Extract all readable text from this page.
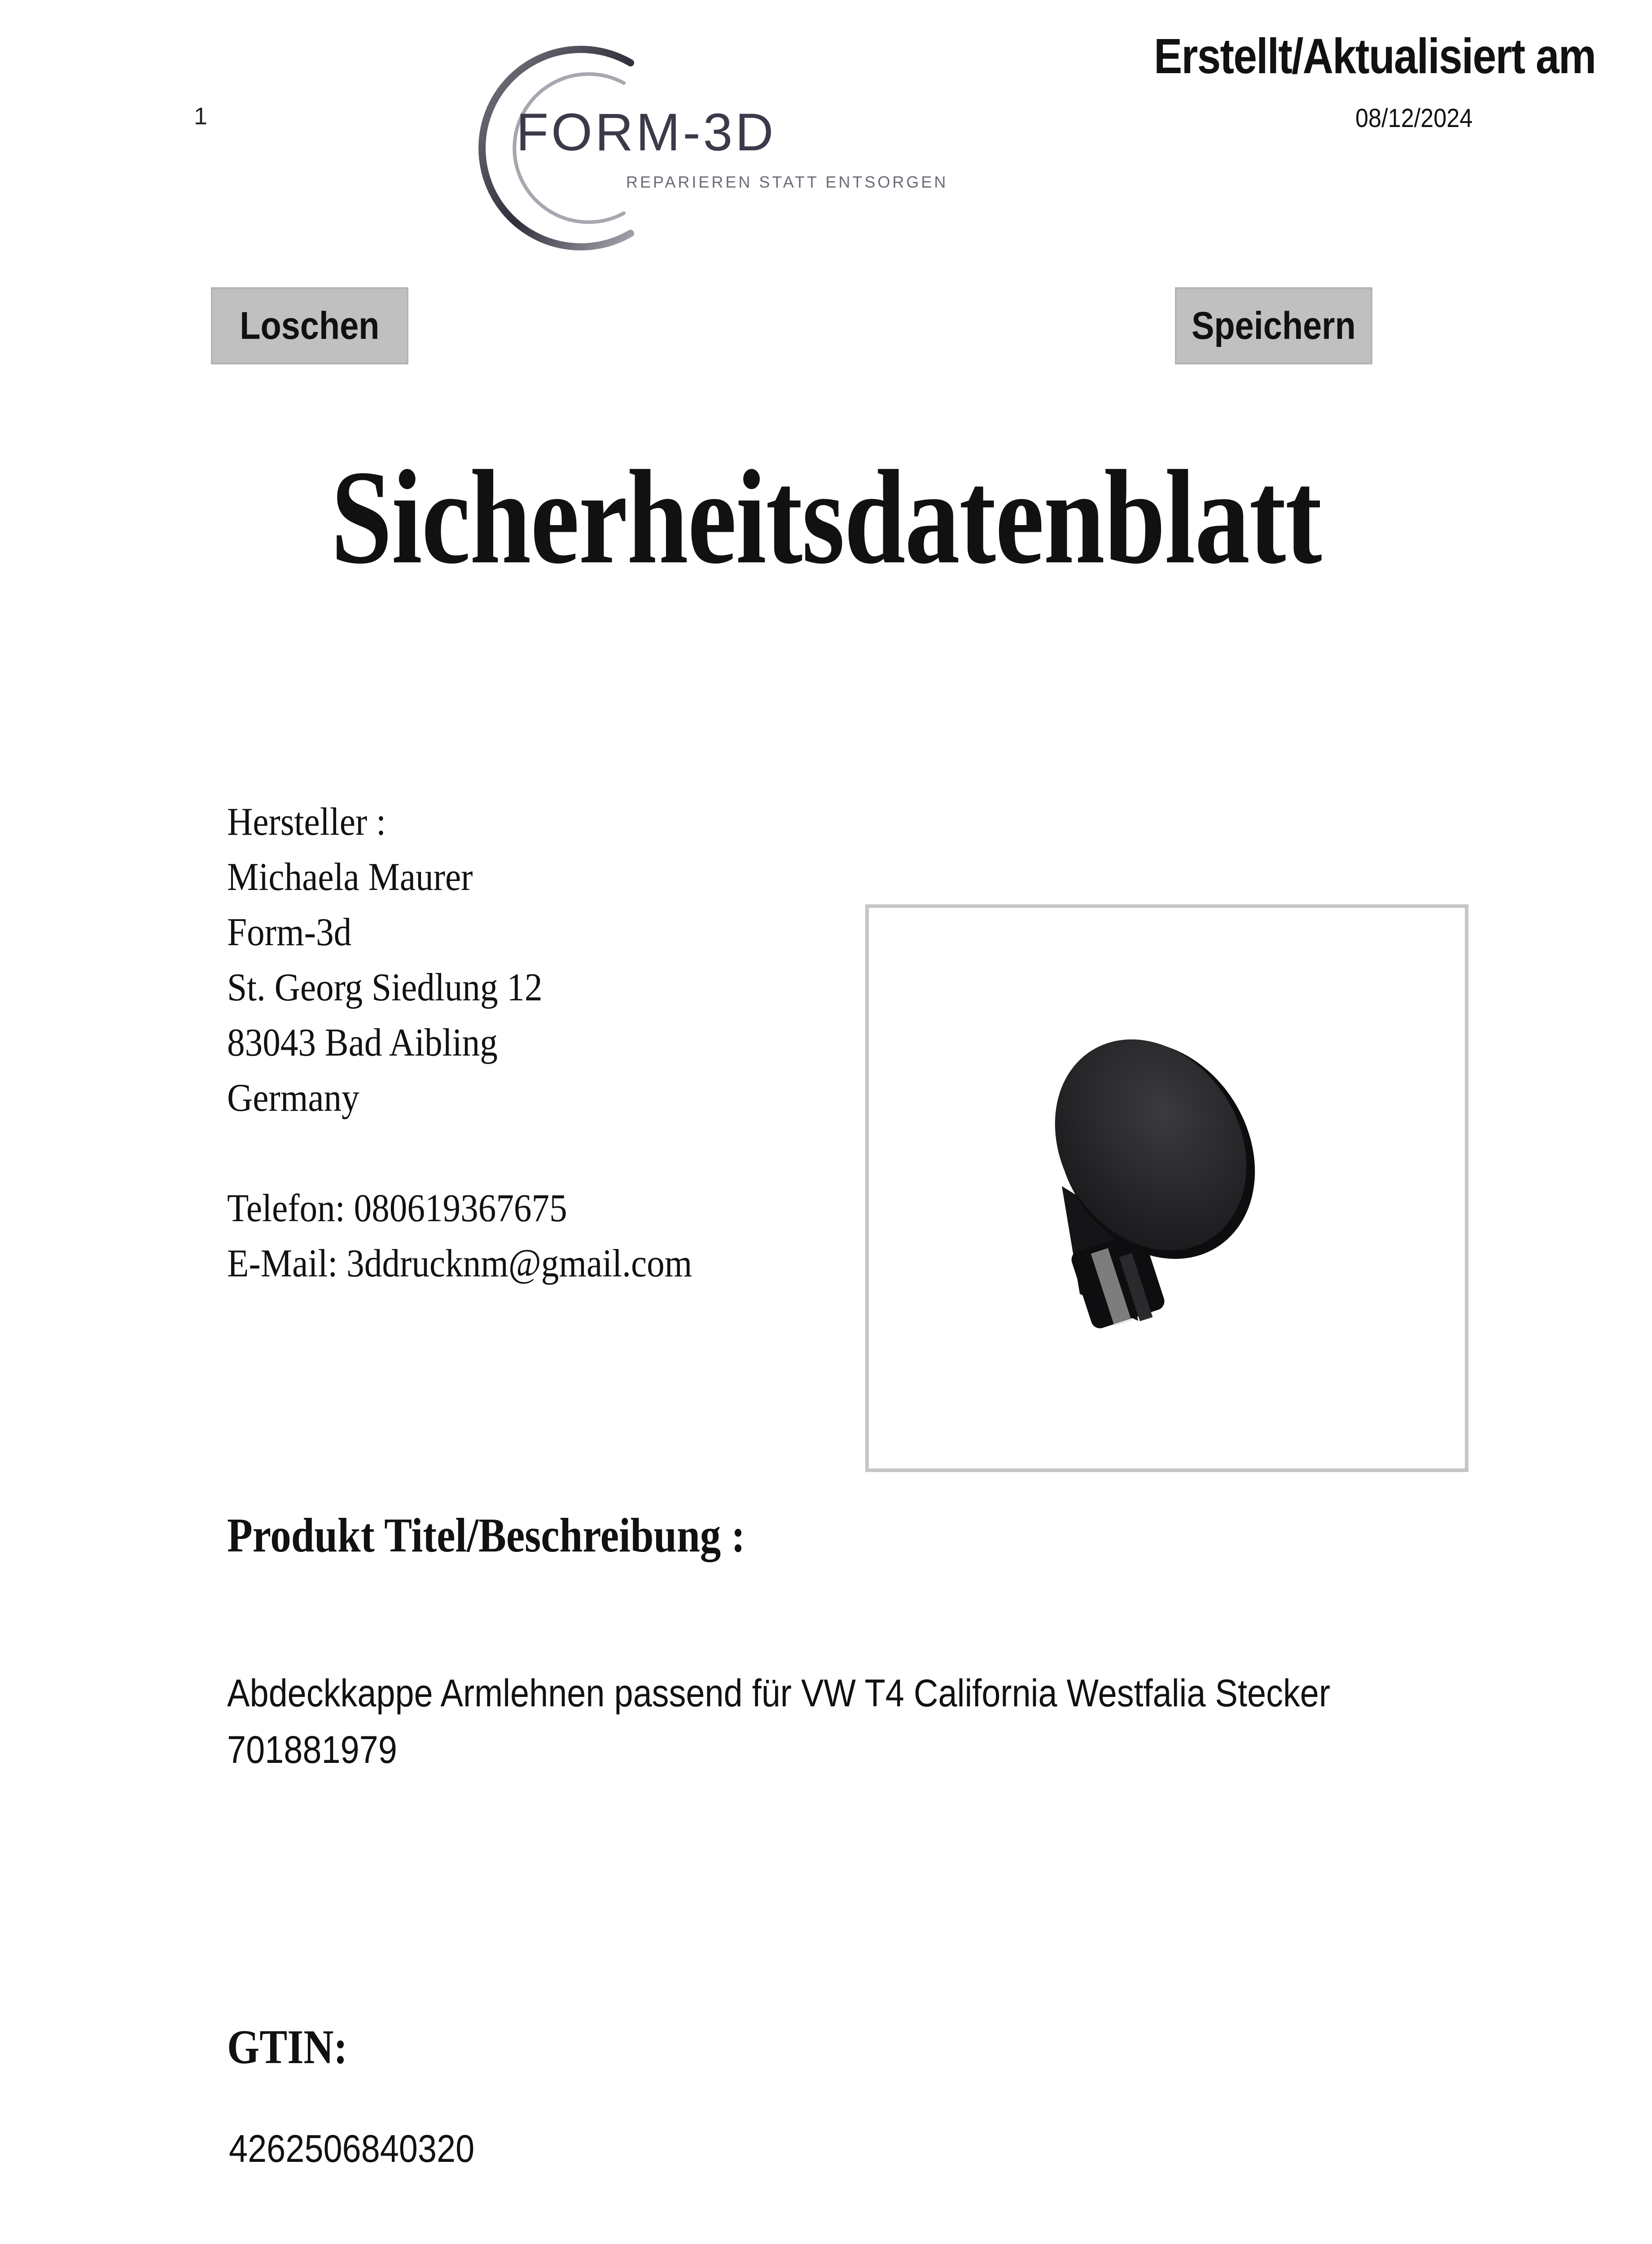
1	FORM-3D
REPARIEREN STATT ENTSORGEN
Erstellt/Aktualisiert am
08/12/2024
Loschen	Speichern
Sicherheitsdatenblatt
Hersteller :
Michaela Maurer
Form-3d
St. Georg Siedlung 12
83043 Bad Aibling
Germany
Telefon: 080619367675
E-Mail: 3ddrucknm@gmail.com
Produkt Titel/Beschreibung :
Abdeckkappe Armlehnen passend für VW T4 California Westfalia Stecker
701881979
GTIN:
4262506840320
